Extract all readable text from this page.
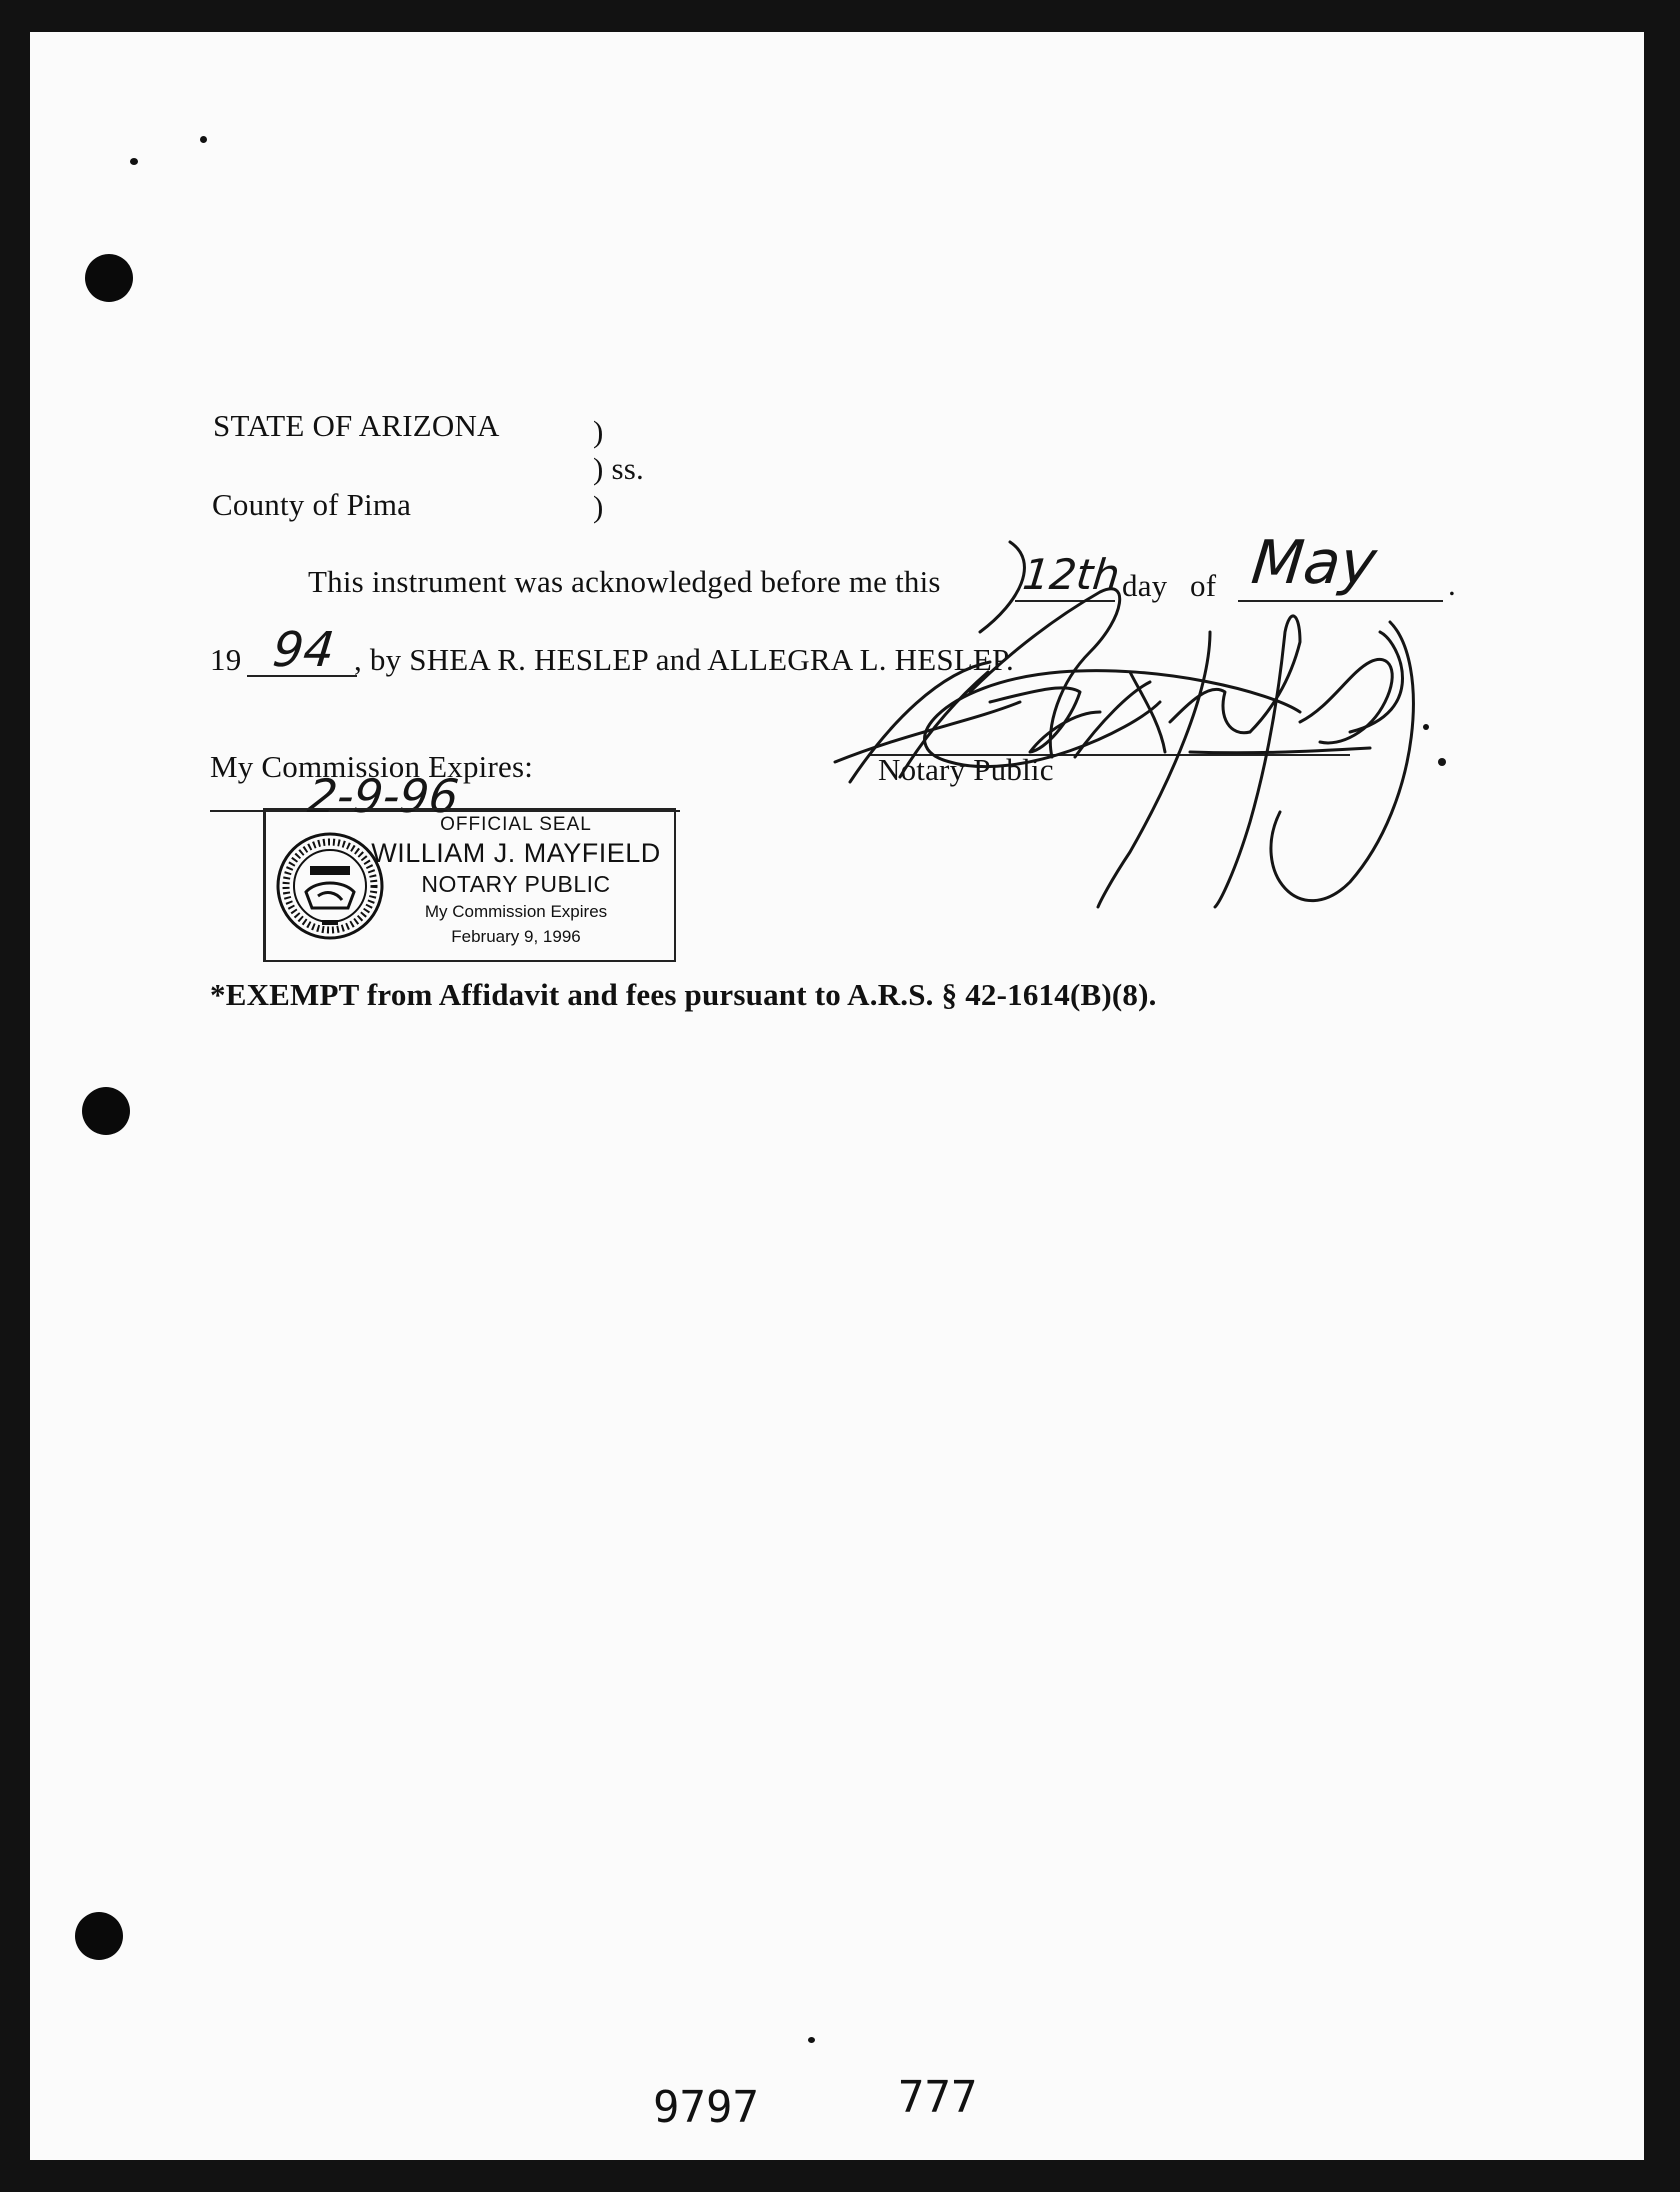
STATE OF ARIZONA	)
) ss.
County of Pima	)
This instrument was acknowledged before me this 12th day of May .
19 94 , by SHEA R. HESLEP and ALLEGRA L. HESLEP.
My Commission Expires:
2-9-96	Notary Public
OFFICIAL SEAL
WILLIAM J. MAYFIELD
NOTARY PUBLIC
My Commission Expires
February 9, 1996
*EXEMPT from Affidavit and fees pursuant to A.R.S. § 42-1614(B)(8).
9797	777
